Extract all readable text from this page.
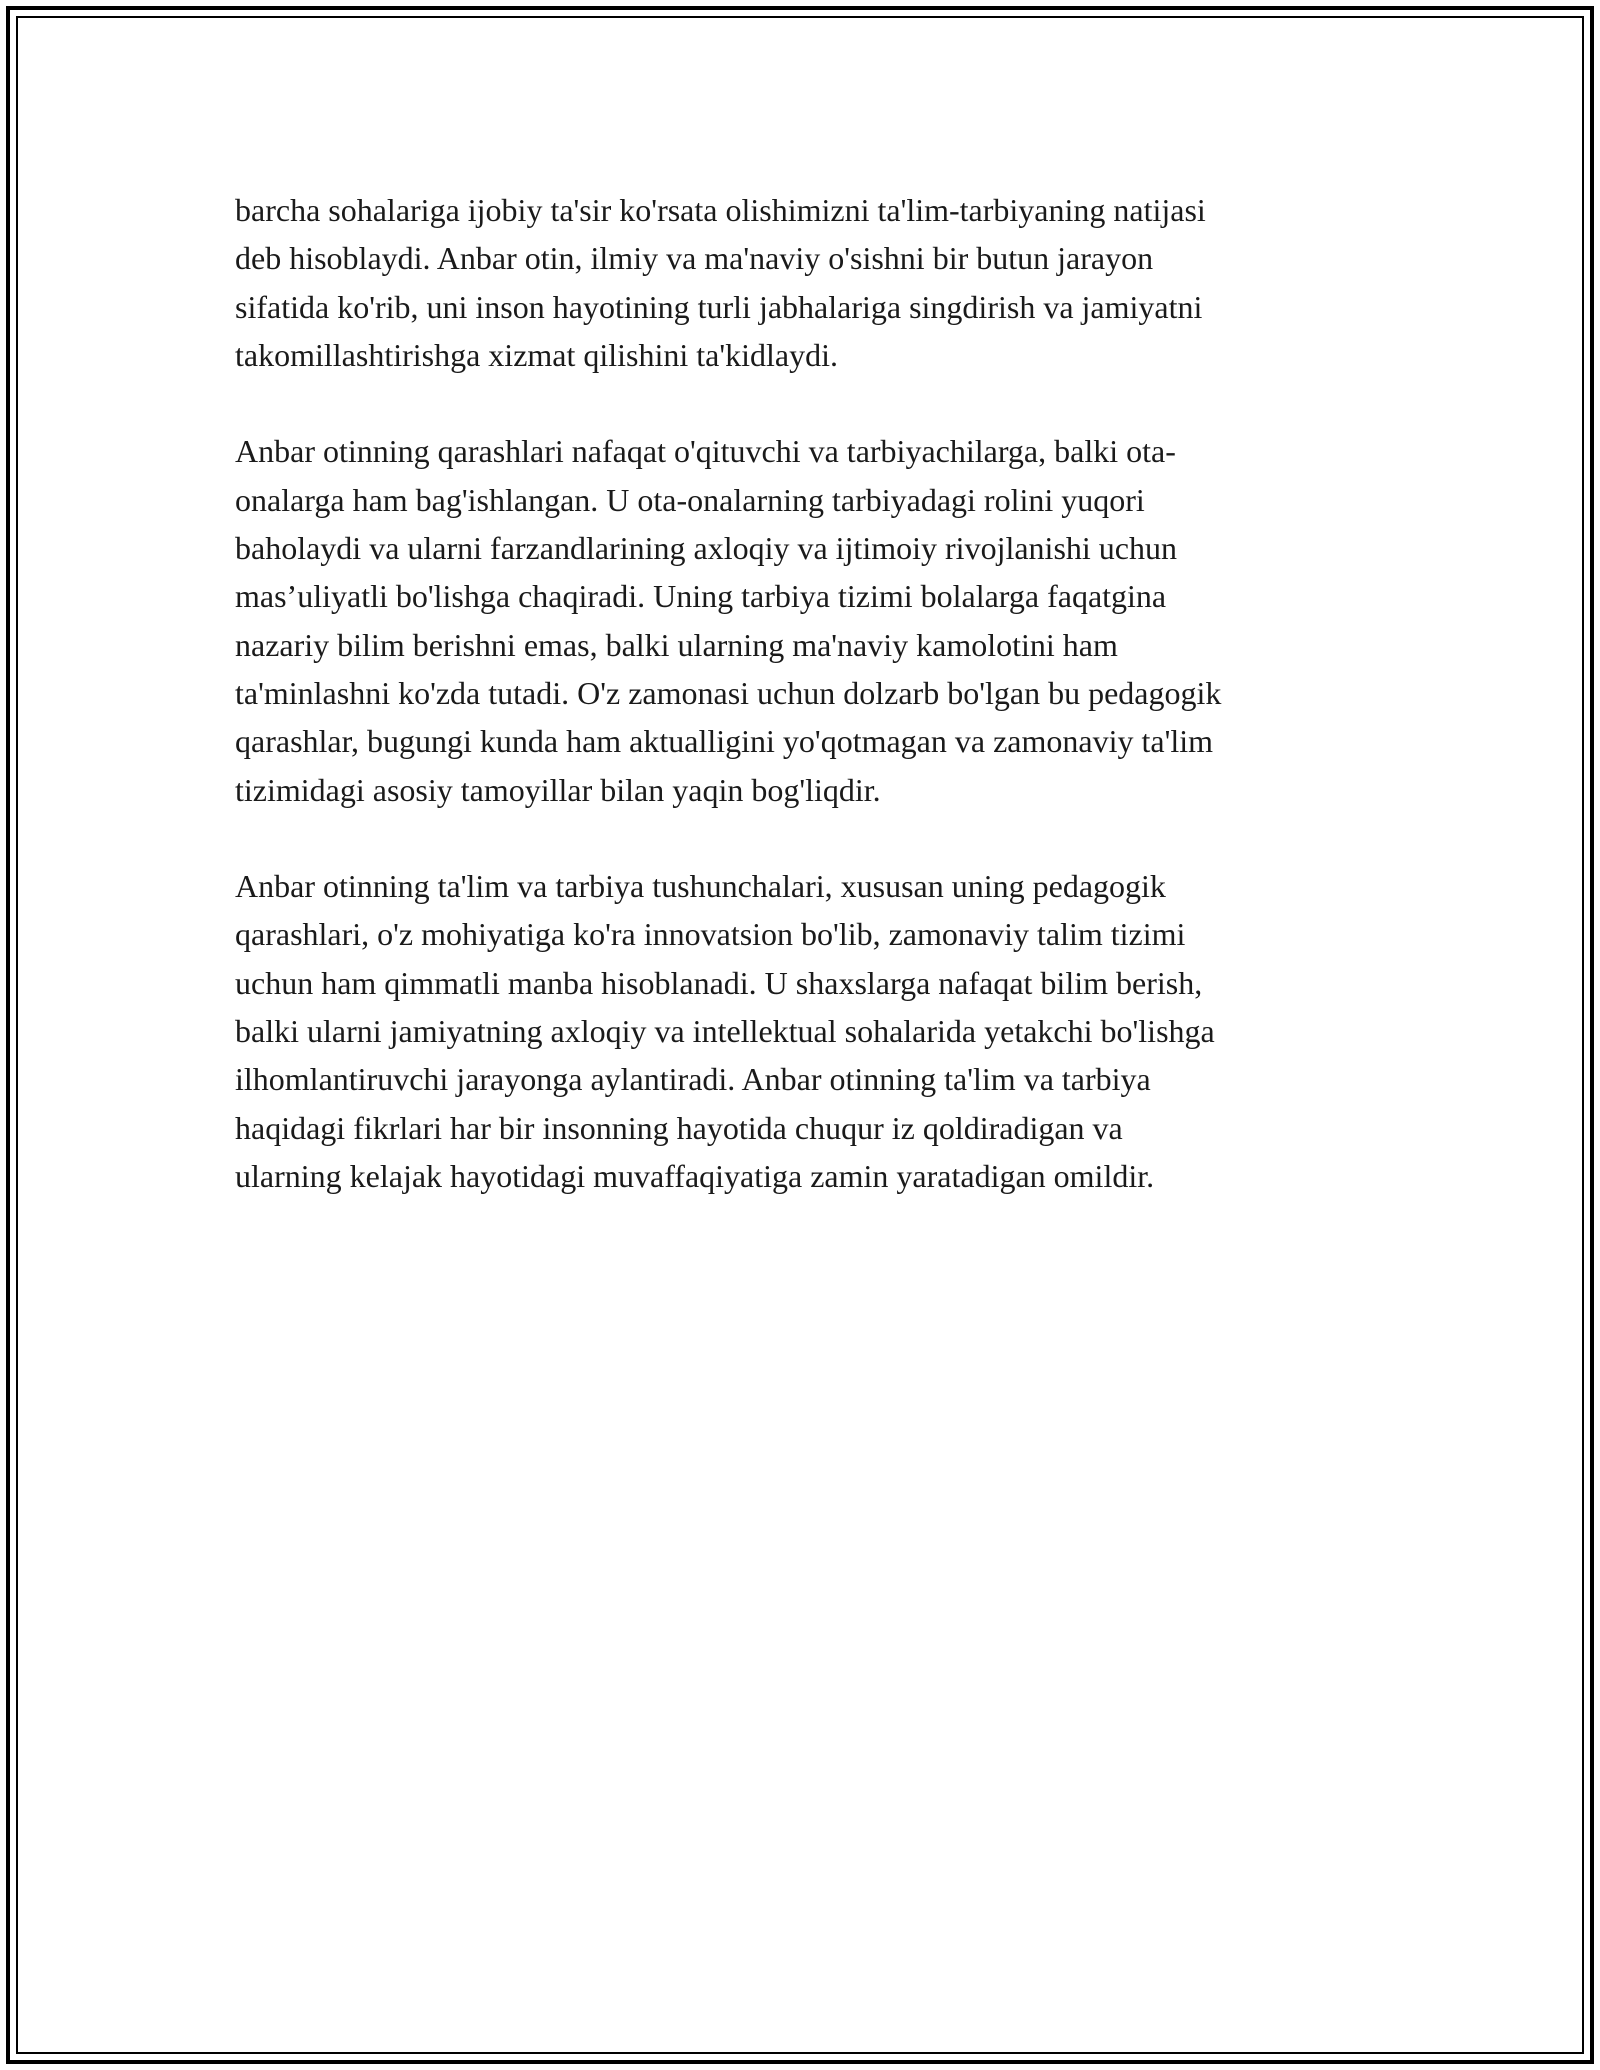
barcha sohalariga ijobiy ta'sir ko'rsata olishimizni ta'lim-tarbiyaning natijasi
deb hisoblaydi. Anbar otin, ilmiy va ma'naviy o'sishni bir butun jarayon
sifatida ko'rib, uni inson hayotining turli jabhalariga singdirish va jamiyatni
takomillashtirishga xizmat qilishini ta'kidlaydi.

Anbar otinning qarashlari nafaqat o'qituvchi va tarbiyachilarga, balki ota-
onalarga ham bag'ishlangan. U ota-onalarning tarbiyadagi rolini yuqori
baholaydi va ularni farzandlarining axloqiy va ijtimoiy rivojlanishi uchun
mas’uliyatli bo'lishga chaqiradi. Uning tarbiya tizimi bolalarga faqatgina
nazariy bilim berishni emas, balki ularning ma'naviy kamolotini ham
ta'minlashni ko'zda tutadi. O'z zamonasi uchun dolzarb bo'lgan bu pedagogik
qarashlar, bugungi kunda ham aktualligini yo'qotmagan va zamonaviy ta'lim
tizimidagi asosiy tamoyillar bilan yaqin bog'liqdir.

Anbar otinning ta'lim va tarbiya tushunchalari, xususan uning pedagogik
qarashlari, o'z mohiyatiga ko'ra innovatsion bo'lib, zamonaviy talim tizimi
uchun ham qimmatli manba hisoblanadi. U shaxslarga nafaqat bilim berish,
balki ularni jamiyatning axloqiy va intellektual sohalarida yetakchi bo'lishga
ilhomlantiruvchi jarayonga aylantiradi. Anbar otinning ta'lim va tarbiya
haqidagi fikrlari har bir insonning hayotida chuqur iz qoldiradigan va
ularning kelajak hayotidagi muvaffaqiyatiga zamin yaratadigan omildir.
